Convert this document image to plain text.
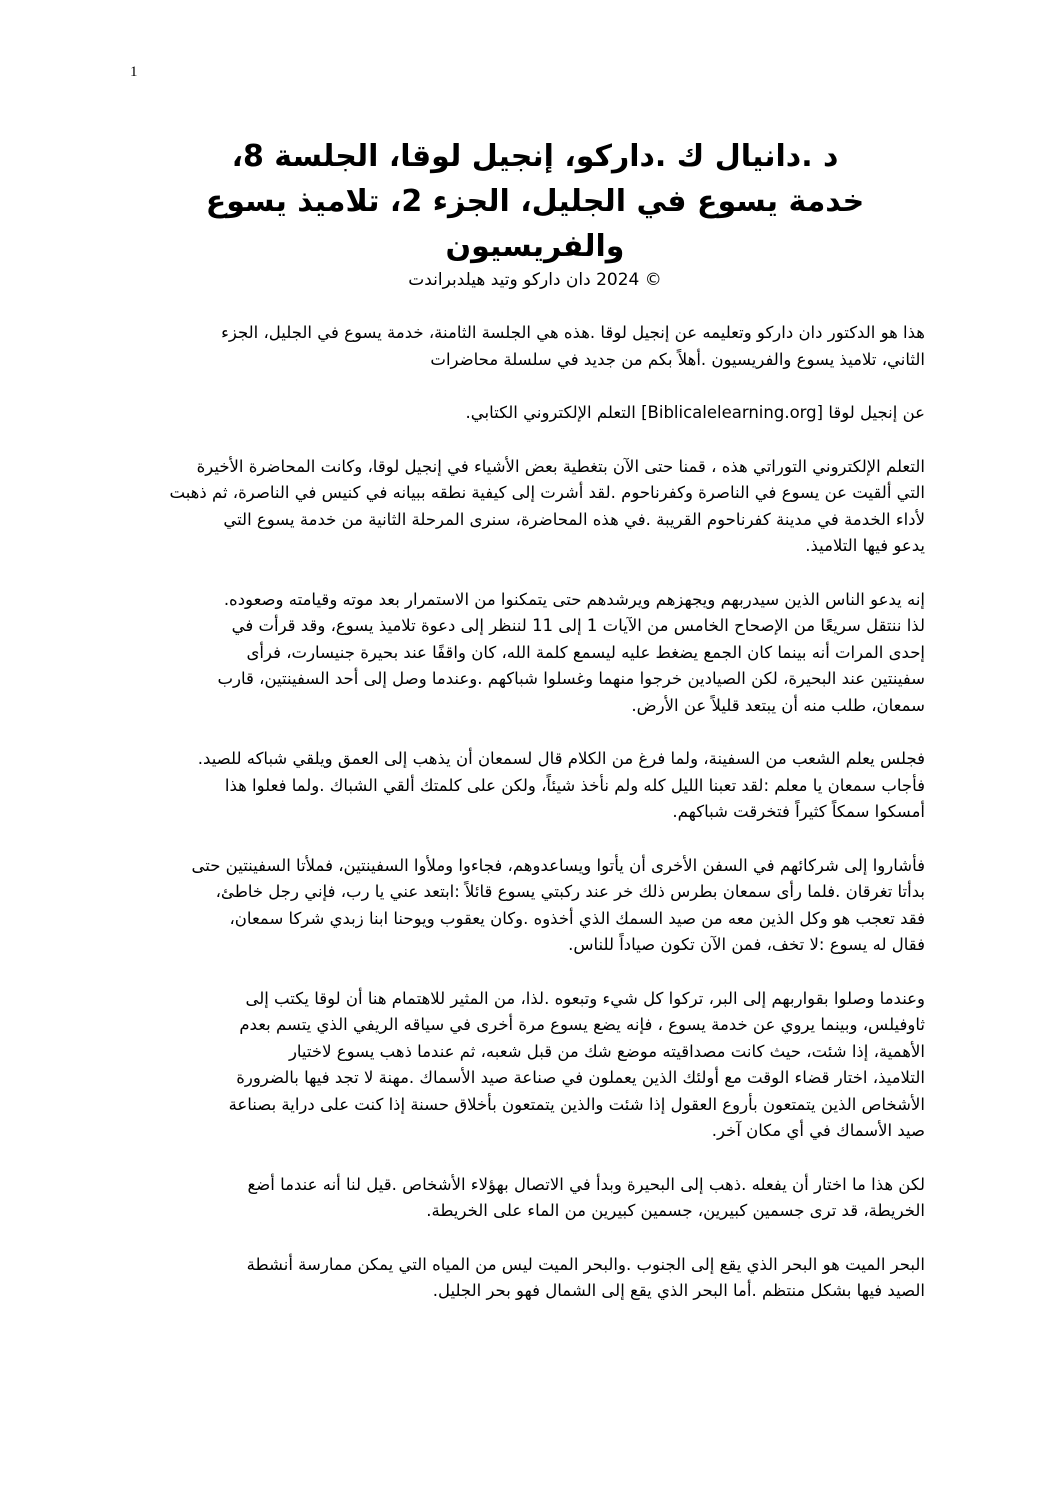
1
د .دانيال ك .داركو، إنجيل لوقا، الجلسة 8،
خدمة يسوع في الجليل، الجزء 2، تلاميذ يسوع
والفريسيون
© 2024 دان داركو وتيد هيلدبراندت

هذا هو الدكتور دان داركو وتعليمه عن إنجيل لوقا .هذه هي الجلسة الثامنة، خدمة يسوع في الجليل، الجزء
الثاني، تلاميذ يسوع والفريسيون .أهلاً بكم من جديد في سلسلة محاضرات

عن إنجيل لوقا [Biblicalelearning.org] التعلم الإلكتروني الكتابي.

التعلم الإلكتروني التوراتي هذه ، قمنا حتى الآن بتغطية بعض الأشياء في إنجيل لوقا، وكانت المحاضرة الأخيرة
التي ألقيت عن يسوع في الناصرة وكفرناحوم .لقد أشرت إلى كيفية نطقه ببيانه في كنيس في الناصرة، ثم ذهبت
لأداء الخدمة في مدينة كفرناحوم القريبة .في هذه المحاضرة، سنرى المرحلة الثانية من خدمة يسوع التي
يدعو فيها التلاميذ.

إنه يدعو الناس الذين سيدربهم ويجهزهم ويرشدهم حتى يتمكنوا من الاستمرار بعد موته وقيامته وصعوده.
لذا ننتقل سريعًا من الإصحاح الخامس من الآيات 1 إلى 11 لننظر إلى دعوة تلاميذ يسوع، وقد قرأت في
إحدى المرات أنه بينما كان الجمع يضغط عليه ليسمع كلمة الله، كان واقفًا عند بحيرة جنيسارت، فرأى
سفينتين عند البحيرة، لكن الصيادين خرجوا منهما وغسلوا شباكهم .وعندما وصل إلى أحد السفينتين، قارب
سمعان، طلب منه أن يبتعد قليلاً عن الأرض.

فجلس يعلم الشعب من السفينة، ولما فرغ من الكلام قال لسمعان أن يذهب إلى العمق ويلقي شباكه للصيد.
فأجاب سمعان يا معلم :لقد تعبنا الليل كله ولم نأخذ شيئاً، ولكن على كلمتك ألقي الشباك .ولما فعلوا هذا
أمسكوا سمكاً كثيراً فتخرقت شباكهم.

فأشاروا إلى شركائهم في السفن الأخرى أن يأتوا ويساعدوهم، فجاءوا وملأوا السفينتين، فملأتا السفينتين حتى
بدأتا تغرقان .فلما رأى سمعان بطرس ذلك خر عند ركبتي يسوع قائلاً :ابتعد عني يا رب، فإني رجل خاطئ،
فقد تعجب هو وكل الذين معه من صيد السمك الذي أخذوه .وكان يعقوب ويوحنا ابنا زبدي شركا سمعان،
فقال له يسوع :لا تخف، فمن الآن تكون صياداً للناس.

وعندما وصلوا بقواربهم إلى البر، تركوا كل شيء وتبعوه .لذا، من المثير للاهتمام هنا أن لوقا يكتب إلى
ثاوفيلس، وبينما يروي عن خدمة يسوع ، فإنه يضع يسوع مرة أخرى في سياقه الريفي الذي يتسم بعدم
الأهمية، إذا شئت، حيث كانت مصداقيته موضع شك من قبل شعبه، ثم عندما ذهب يسوع لاختيار
التلاميذ، اختار قضاء الوقت مع أولئك الذين يعملون في صناعة صيد الأسماك .مهنة لا تجد فيها بالضرورة
الأشخاص الذين يتمتعون بأروع العقول إذا شئت والذين يتمتعون بأخلاق حسنة إذا كنت على دراية بصناعة
صيد الأسماك في أي مكان آخر.

لكن هذا ما اختار أن يفعله .ذهب إلى البحيرة وبدأ في الاتصال بهؤلاء الأشخاص .قيل لنا أنه عندما أضع
الخريطة، قد ترى جسمين كبيرين، جسمين كبيرين من الماء على الخريطة.

البحر الميت هو البحر الذي يقع إلى الجنوب .والبحر الميت ليس من المياه التي يمكن ممارسة أنشطة
الصيد فيها بشكل منتظم .أما البحر الذي يقع إلى الشمال فهو بحر الجليل.
